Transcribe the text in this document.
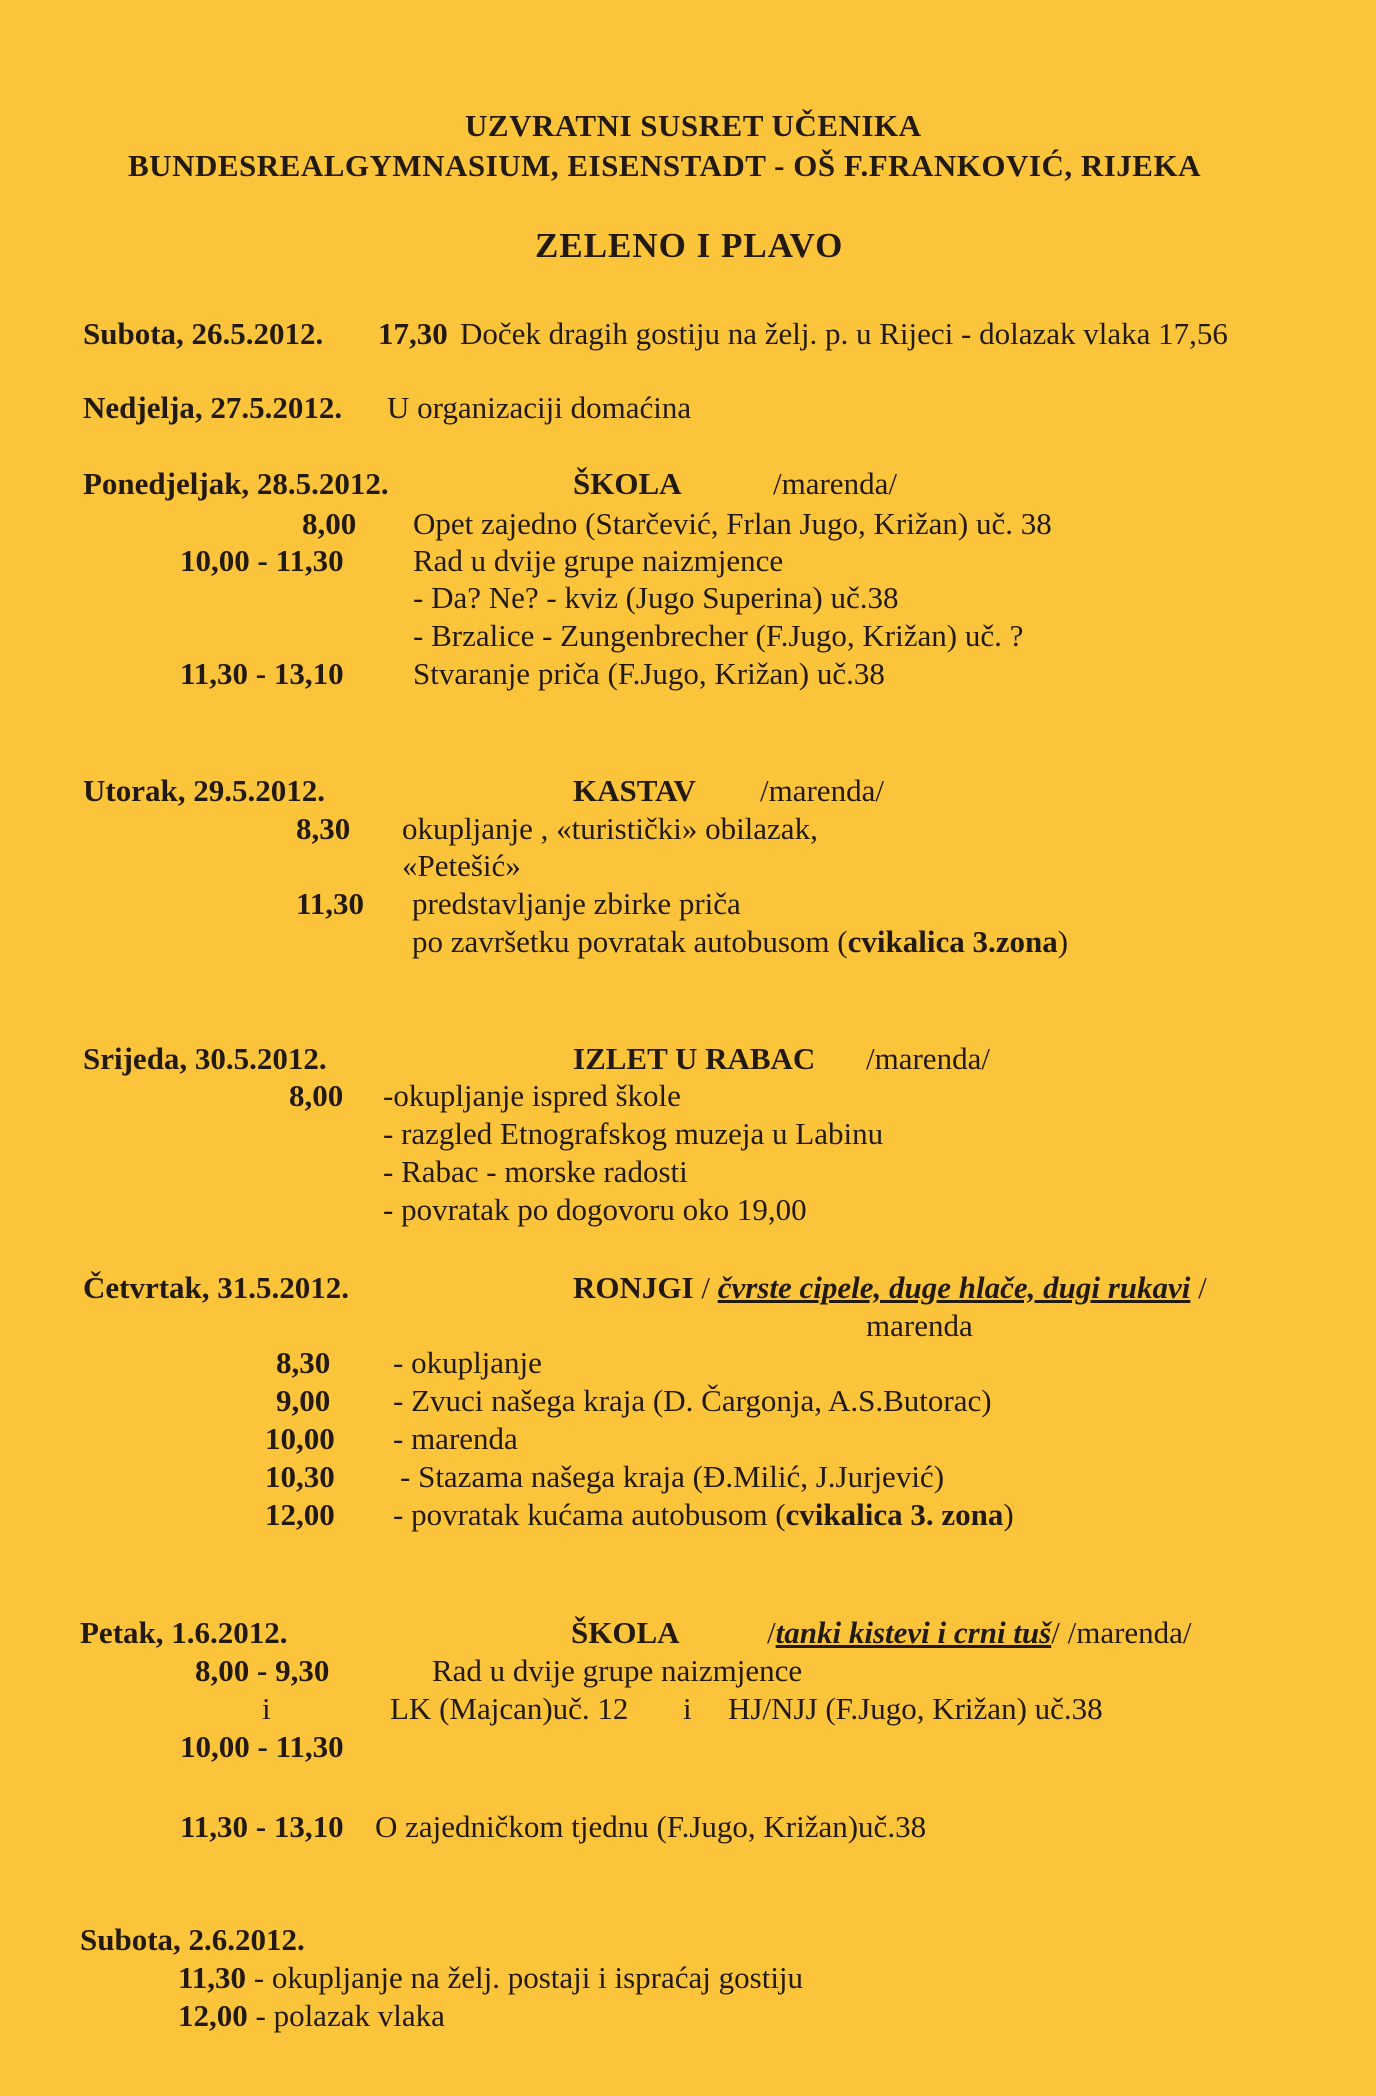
UZVRATNI SUSRET UČENIKA
BUNDESREALGYMNASIUM, EISENSTADT - OŠ F.FRANKOVIĆ, RIJEKA
ZELENO I PLAVO
Subota, 26.5.2012. 17,30 Doček dragih gostiju na želj. p. u Rijeci - dolazak vlaka 17,56
Nedjelja, 27.5.2012. U organizaciji domaćina
Ponedjeljak, 28.5.2012.	ŠKOLA	/marenda/
8,00 Opet zajedno (Starčević, Frlan Jugo, Križan) uč. 38
10,00 - 11,30 Rad u dvije grupe naizmjence
- Da? Ne? - kviz (Jugo Superina) uč.38
- Brzalice - Zungenbrecher (F.Jugo, Križan) uč. ?
11,30 - 13,10 Stvaranje priča (F.Jugo, Križan) uč.38
Utorak, 29.5.2012.	KASTAV /marenda/
8,30 okupljanje , «turistički» obilazak,
«Petešić»
11,30 predstavljanje zbirke priča
po završetku povratak autobusom (cvikalica 3.zona)
Srijeda, 30.5.2012.	IZLET U RABAC /marenda/
8,00 -okupljanje ispred škole
- razgled Etnografskog muzeja u Labinu
- Rabac - morske radosti
- povratak po dogovoru oko 19,00
Četvrtak, 31.5.2012.	RONJGI / čvrste cipele, duge hlače, dugi rukavi /
marenda
8,30 - okupljanje
9,00 - Zvuci našega kraja (D. Čargonja, A.S.Butorac)
10,00 - marenda
10,30 - Stazama našega kraja (Đ.Milić, J.Jurjević)
12,00 - povratak kućama autobusom (cvikalica 3. zona)
Petak, 1.6.2012.	ŠKOLA	/tanki kistevi i crni tuš/ /marenda/
8,00 - 9,30	Rad u dvije grupe naizmjence
i	LK (Majcan)uč. 12 i HJ/NJJ (F.Jugo, Križan) uč.38
10,00 - 11,30
11,30 - 13,10 O zajedničkom tjednu (F.Jugo, Križan)uč.38
Subota, 2.6.2012.
11,30 - okupljanje na želj. postaji i ispraćaj gostiju
12,00 - polazak vlaka
